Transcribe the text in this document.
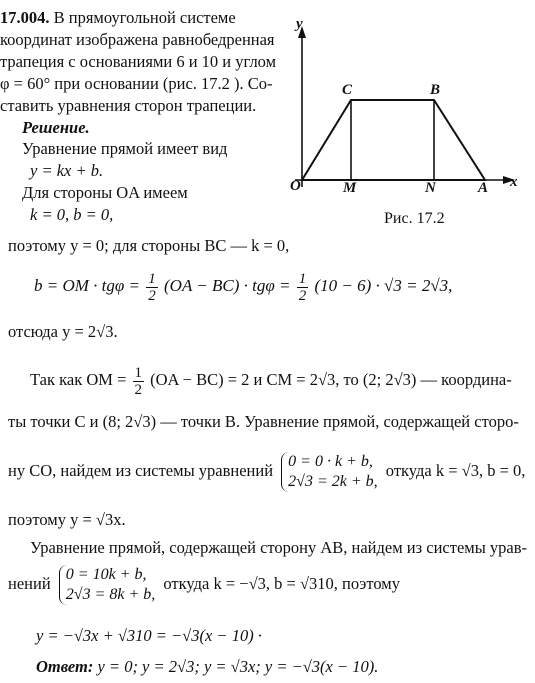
17.004. В прямоугольной системе
координат изображена равнобедренная
трапеция с основаниями 6 и 10 и углом
φ = 60° при основании (рис. 17.2 ). Со-
ставить уравнения сторон трапеции.
Решение.
Уравнение прямой имеет вид
y = kx + b.
Для стороны OA имеем
k = 0, b = 0,
поэтому y = 0; для стороны BC — k = 0,
b = OM · $tg\varphi = \frac{1}{2} (OA - BC) \cdot tg\varphi = \frac{1}{2} (10 - 6) \cdot √3 = 2√3$,
отсюда y = 2√3.
Так как OM = $\frac{1}{2} (OA - BC) = 2$ и CM = 2√3, то (2; 2√3) — координа-
ты точки C и (8; 2√3) — точки B. Уравнение прямой, содержащей сторо-
ну CO, найдем из системы уравнений 0 = 0 · k + b,
2√3 = 2k + b,
откуда k = √3, b = 0,
поэтому y = √3x.
Уравнение прямой, содержащей сторону AB, найдем из системы урав-
нений 0 = 10k + b,
2√3 = 8k + b,
откуда k = −√3, b = √310, поэтому
y = −√3x + √310 = −√3(x − 10) ·
Ответ: y = 0; y = 2√3; y = √3x; y = −√3(x − 10).
y
x
O	M	N	A
C	B
Рис. 17.2
